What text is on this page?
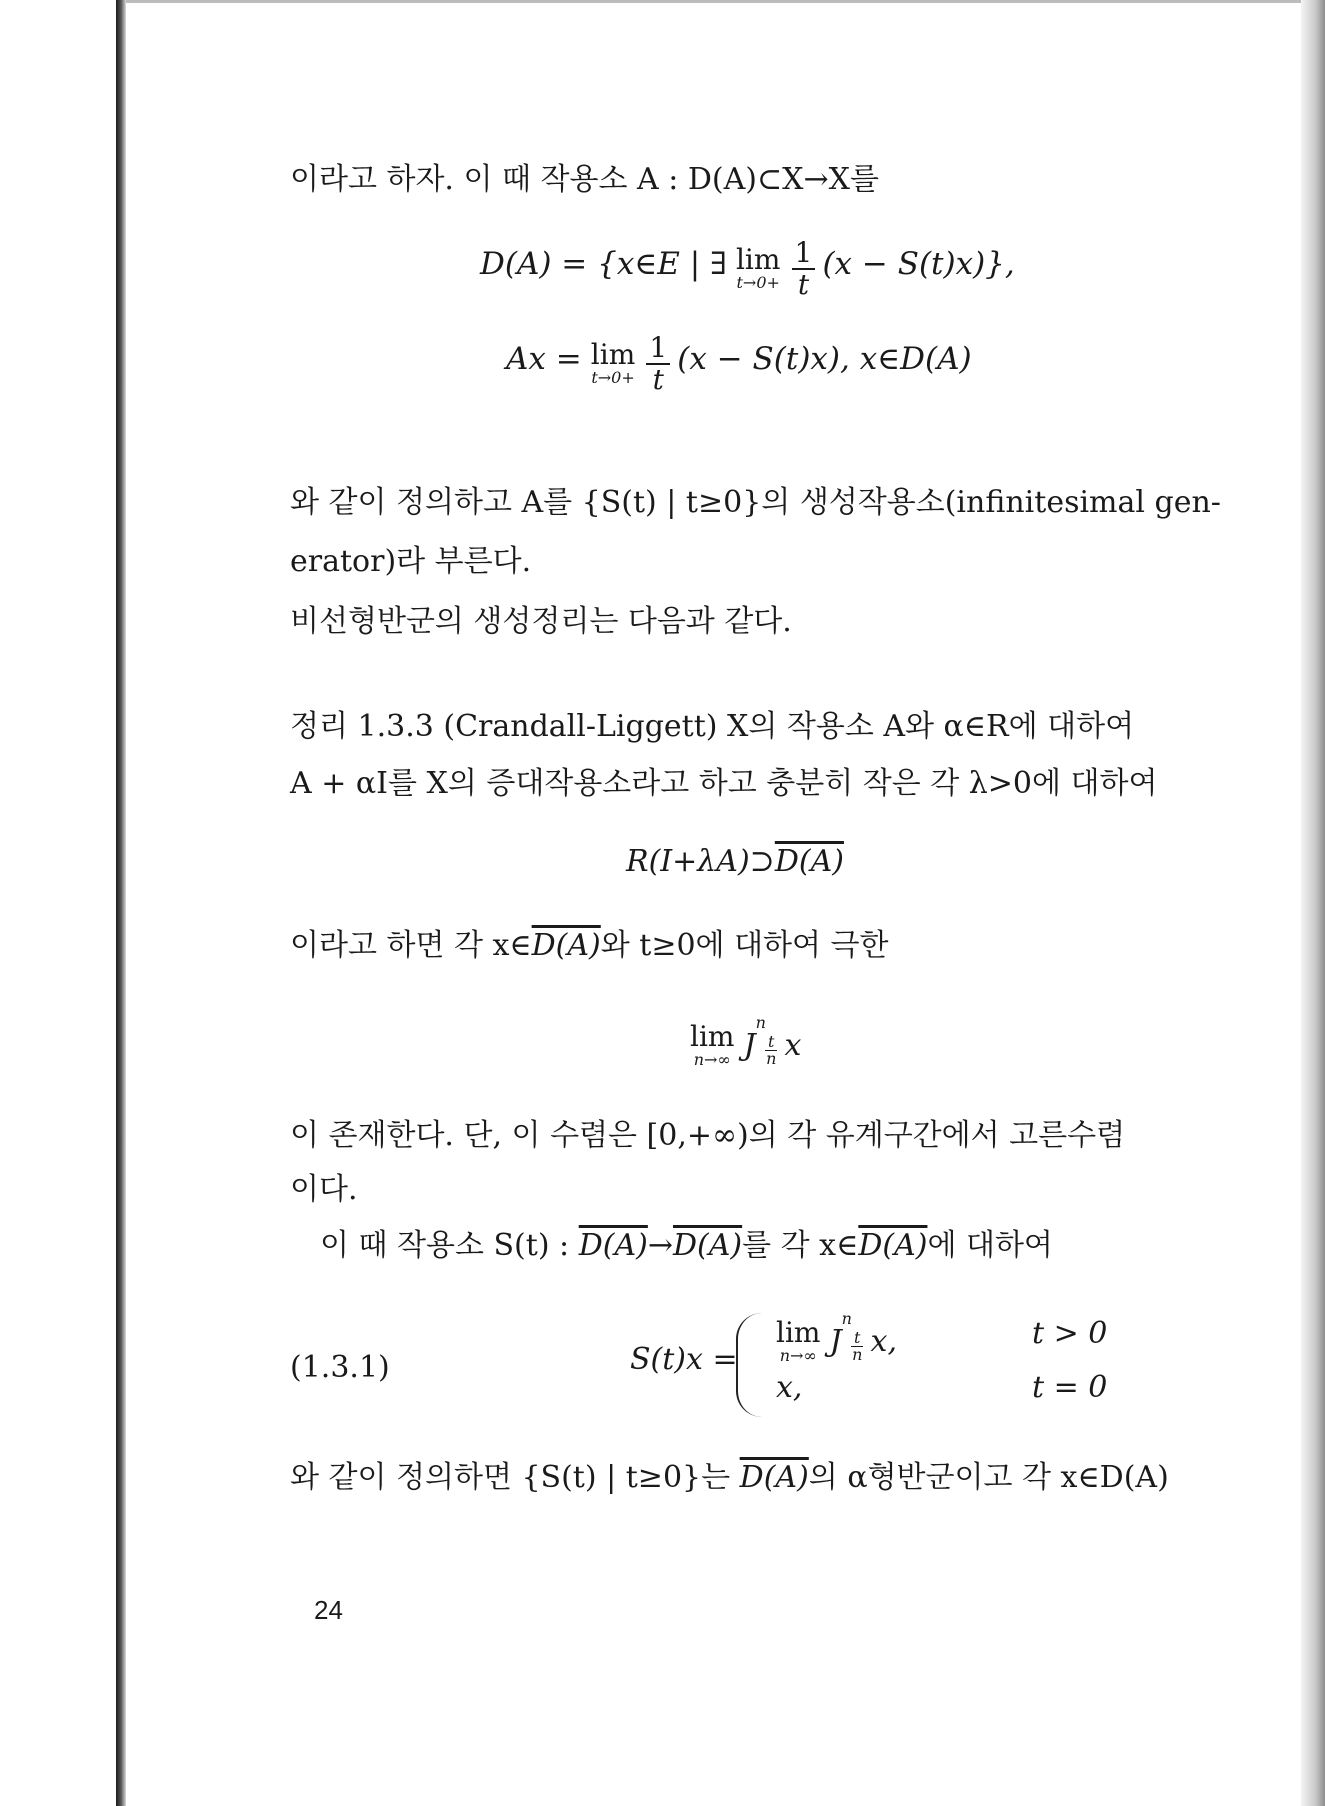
이라고 하자. 이 때 작용소 A : D(A)⊂X→X를
D(A) = {x∈E | ∃ lim
t→0+
$\frac{1}{t} (x - S(t)x)$},
Ax = lim
t→0+
$\frac{1}{t} (x - S(t)x)$, x∈D(A)
와 같이 정의하고 A를 {S(t) | t≥0}의 생성작용소(infinitesimal gen-
erator)라 부른다.
비선형반군의 생성정리는 다음과 같다.
정리 1.3.3 (Crandall-Liggett) X의 작용소 A와 α∈R에 대하여
A + αI를 X의 증대작용소라고 하고 충분히 작은 각 λ>0에 대하여
R(I+λA)⊃D(A)
이라고 하면 각 x∈D(A)와 t≥0에 대하여 극한
lim
n→∞ Jn
$\frac{t}{n}$ x
이 존재한다. 단, 이 수렴은 [0,+∞)의 각 유계구간에서 고른수렴
이다.
이 때 작용소 S(t) : D(A)→D(A)를 각 x∈D(A)에 대하여
(1.3.1)	S(t)x =
lim
n→∞ Jn
$\frac{t}{n} x$,	t > 0
x,	t = 0
와 같이 정의하면 {S(t) | t≥0}는 D(A)의 α형반군이고 각 x∈D(A)
24
